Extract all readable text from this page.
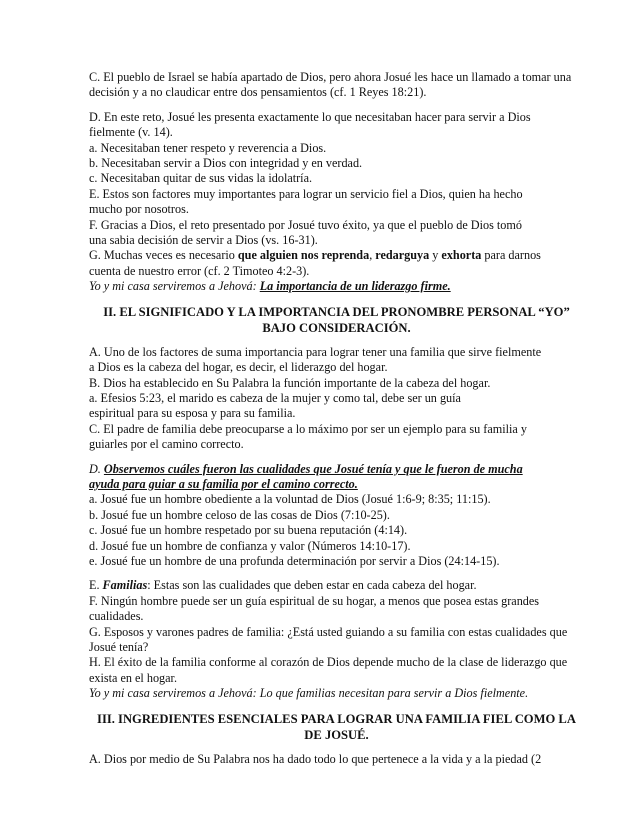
C. El pueblo de Israel se había apartado de Dios, pero ahora Josué les hace un llamado a tomar una
decisión y a no claudicar entre dos pensamientos (cf. 1 Reyes 18:21).
D. En este reto, Josué les presenta exactamente lo que necesitaban hacer para servir a Dios
fielmente (v. 14).
a. Necesitaban tener respeto y reverencia a Dios.
b. Necesitaban servir a Dios con integridad y en verdad.
c. Necesitaban quitar de sus vidas la idolatría.
E. Estos son factores muy importantes para lograr un servicio fiel a Dios, quien ha hecho
mucho por nosotros.
F. Gracias a Dios, el reto presentado por Josué tuvo éxito, ya que el pueblo de Dios tomó
una sabia decisión de servir a Dios (vs. 16-31).
G. Muchas veces es necesario que alguien nos reprenda, redarguya y exhorta para darnos
cuenta de nuestro error (cf. 2 Timoteo 4:2-3).
Yo y mi casa serviremos a Jehová: La importancia de un liderazgo firme.
II. EL SIGNIFICADO Y LA IMPORTANCIA DEL PRONOMBRE PERSONAL “YO”
BAJO CONSIDERACIÓN.
A. Uno de los factores de suma importancia para lograr tener una familia que sirve fielmente
a Dios es la cabeza del hogar, es decir, el liderazgo del hogar.
B. Dios ha establecido en Su Palabra la función importante de la cabeza del hogar.
a. Efesios 5:23, el marido es cabeza de la mujer y como tal, debe ser un guía
espiritual para su esposa y para su familia.
C. El padre de familia debe preocuparse a lo máximo por ser un ejemplo para su familia y
guiarles por el camino correcto.
D. Observemos cuáles fueron las cualidades que Josué tenía y que le fueron de mucha
ayuda para guiar a su familia por el camino correcto.
a. Josué fue un hombre obediente a la voluntad de Dios (Josué 1:6-9; 8:35; 11:15).
b. Josué fue un hombre celoso de las cosas de Dios (7:10-25).
c. Josué fue un hombre respetado por su buena reputación (4:14).
d. Josué fue un hombre de confianza y valor (Números 14:10-17).
e. Josué fue un hombre de una profunda determinación por servir a Dios (24:14-15).
E. Familias: Estas son las cualidades que deben estar en cada cabeza del hogar.
F. Ningún hombre puede ser un guía espiritual de su hogar, a menos que posea estas grandes
cualidades.
G. Esposos y varones padres de familia: ¿Está usted guiando a su familia con estas cualidades que
Josué tenía?
H. El éxito de la familia conforme al corazón de Dios depende mucho de la clase de liderazgo que
exista en el hogar.
Yo y mi casa serviremos a Jehová: Lo que familias necesitan para servir a Dios fielmente.
III. INGREDIENTES ESENCIALES PARA LOGRAR UNA FAMILIA FIEL COMO LA
DE JOSUÉ.
A. Dios por medio de Su Palabra nos ha dado todo lo que pertenece a la vida y a la piedad (2
